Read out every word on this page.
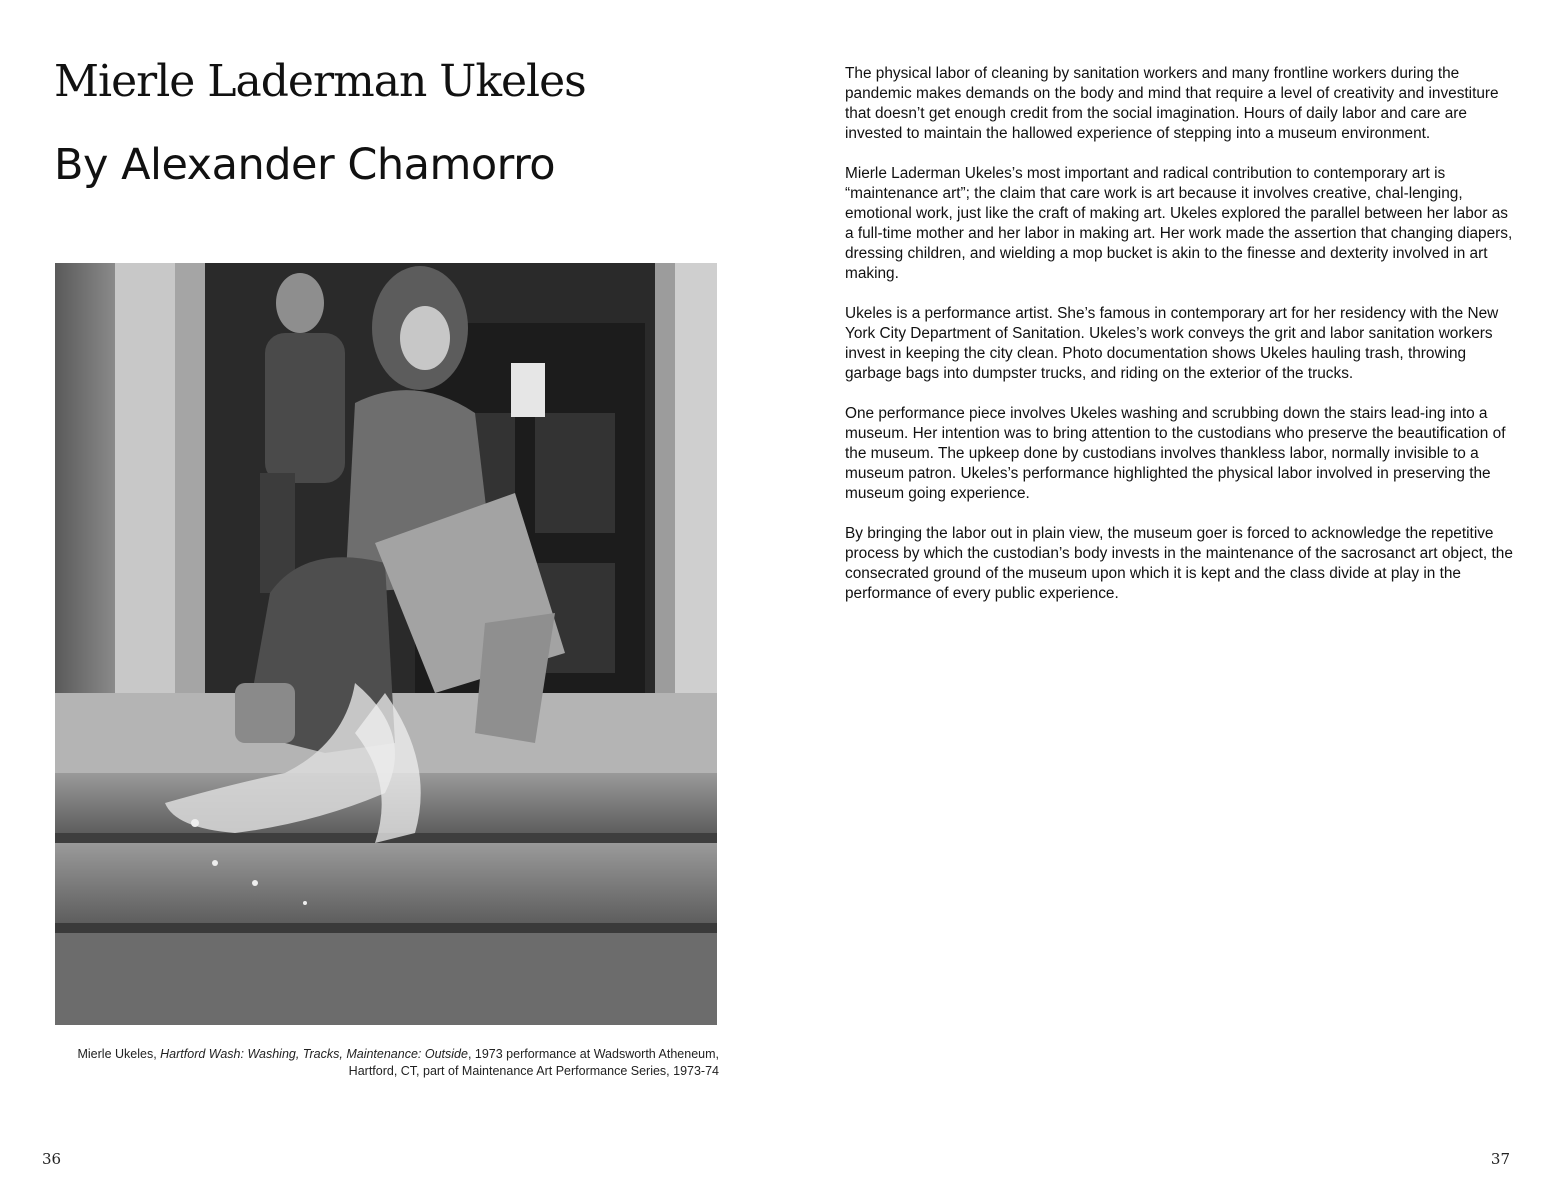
Mierle Laderman Ukeles
By Alexander Chamorro

Mierle Ukeles, Hartford Wash: Washing, Tracks, Maintenance: Outside, 1973 performance at Wadsworth Atheneum, Hartford, CT, part of Maintenance Art Performance Series, 1973-74

36

The physical labor of cleaning by sanitation workers and many frontline workers during the pandemic makes demands on the body and mind that require a level of creativity and investiture that doesn’t get enough credit from the social imagination. Hours of daily labor and care are invested to maintain the hallowed experience of stepping into a museum environment.

Mierle Laderman Ukeles’s most important and radical contribution to contemporary art is “maintenance art”; the claim that care work is art because it involves creative, chal-lenging, emotional work, just like the craft of making art. Ukeles explored the parallel between her labor as a full-time mother and her labor in making art. Her work made the assertion that changing diapers, dressing children, and wielding a mop bucket is akin to the finesse and dexterity involved in art making.

Ukeles is a performance artist. She’s famous in contemporary art for her residency with the New York City Department of Sanitation. Ukeles’s work conveys the grit and labor sanitation workers invest in keeping the city clean. Photo documentation shows Ukeles hauling trash, throwing garbage bags into dumpster trucks, and riding on the exterior of the trucks.

One performance piece involves Ukeles washing and scrubbing down the stairs lead-ing into a museum. Her intention was to bring attention to the custodians who preserve the beautification of the museum. The upkeep done by custodians involves thankless labor, normally invisible to a museum patron. Ukeles’s performance highlighted the physical labor involved in preserving the museum going experience.

By bringing the labor out in plain view, the museum goer is forced to acknowledge the repetitive process by which the custodian’s body invests in the maintenance of the sacrosanct art object, the consecrated ground of the museum upon which it is kept and the class divide at play in the performance of every public experience.

37
